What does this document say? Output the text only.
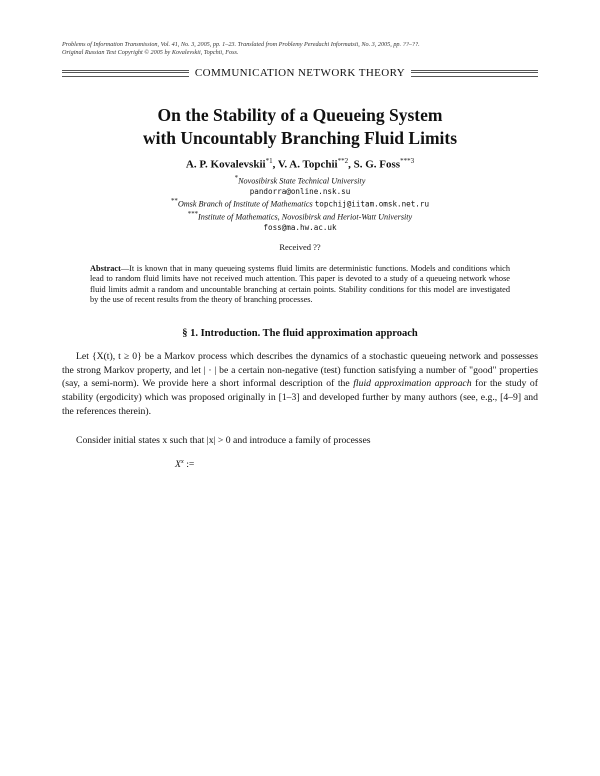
Problems of Information Transmission, Vol. 41, No. 3, 2005, pp. 1–23. Translated from Problemy Peredachi Informatsii, No. 3, 2005, pp. ??–??.
Original Russian Text Copyright © 2005 by Kovalevskii, Topchii, Foss.
COMMUNICATION NETWORK THEORY
On the Stability of a Queueing System
with Uncountably Branching Fluid Limits
A. P. Kovalevskii$^{*1}$, V. A. Topchii$^{**2}$, S. G. Foss$^{***3}$
*Novosibirsk State Technical University
pandorra@online.nsk.su
**Omsk Branch of Institute of Mathematics topchij@iitam.omsk.net.ru
***Institute of Mathematics, Novosibirsk and Heriot-Watt University
foss@ma.hw.ac.uk
Received ??
Abstract—It is known that in many queueing systems fluid limits are deterministic functions. Models and conditions which lead to random fluid limits have not received much attention. This paper is devoted to a study of a queueing network whose fluid limits admit a random and uncountable branching at certain points. Stability conditions for this model are investigated by the use of recent results from the theory of branching processes.
§ 1. Introduction. The fluid approximation approach
Let {X(t), t ≥ 0} be a Markov process which describes the dynamics of a stochastic queueing network and possesses the strong Markov property, and let | · | be a certain non-negative (test) function satisfying a number of "good" properties (say, a semi-norm). We provide here a short informal description of the fluid approximation approach for the study of stability (ergodicity) which was proposed originally in [1–3] and developed further by many authors (see, e.g., [4–9] and the references therein).
Consider initial states x such that |x| > 0 and introduce a family of processes
$X^x$ :=
